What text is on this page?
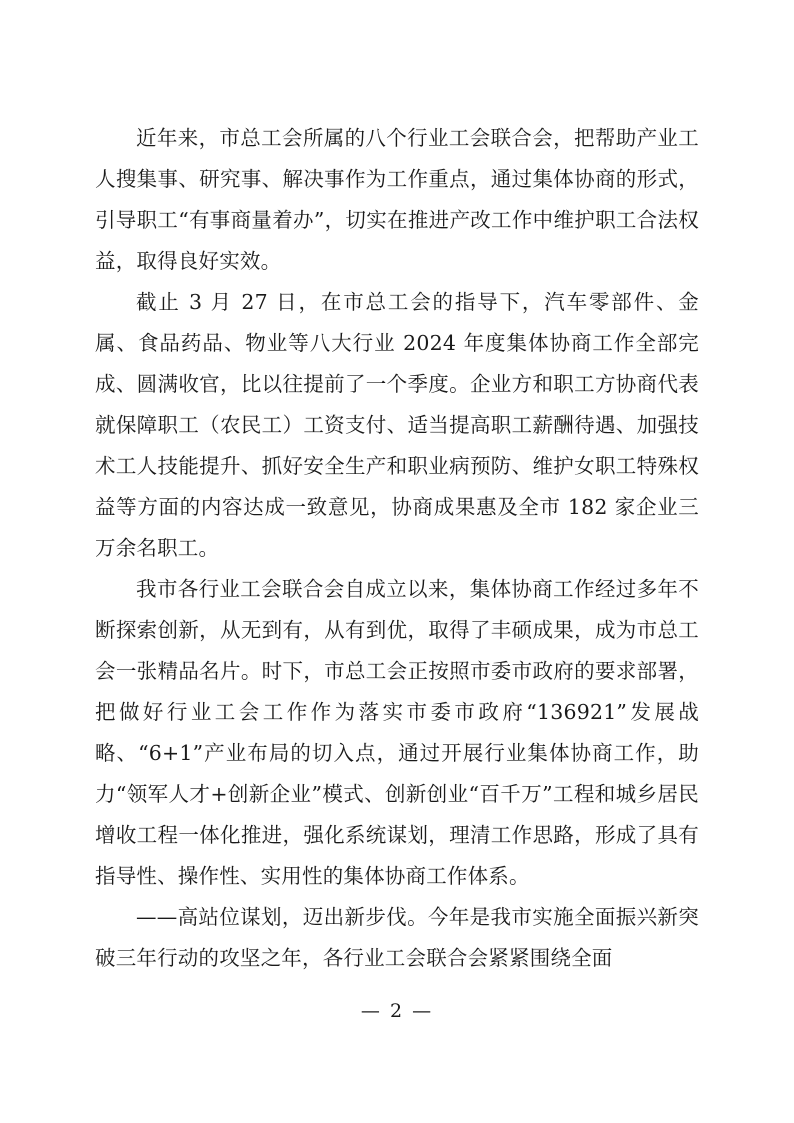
近年来，市总工会所属的八个行业工会联合会，把帮助产业工人搜集事、研究事、解决事作为工作重点，通过集体协商的形式，引导职工“有事商量着办”，切实在推进产改工作中维护职工合法权益，取得良好实效。

截止 3 月 27 日，在市总工会的指导下，汽车零部件、金属、食品药品、物业等八大行业 2024 年度集体协商工作全部完成、圆满收官，比以往提前了一个季度。企业方和职工方协商代表就保障职工（农民工）工资支付、适当提高职工薪酬待遇、加强技术工人技能提升、抓好安全生产和职业病预防、维护女职工特殊权益等方面的内容达成一致意见，协商成果惠及全市 182 家企业三万余名职工。

我市各行业工会联合会自成立以来，集体协商工作经过多年不断探索创新，从无到有，从有到优，取得了丰硕成果，成为市总工会一张精品名片。时下，市总工会正按照市委市政府的要求部署，把做好行业工会工作作为落实市委市政府“136921”发展战略、“6+1”产业布局的切入点，通过开展行业集体协商工作，助力“领军人才+创新企业”模式、创新创业“百千万”工程和城乡居民增收工程一体化推进，强化系统谋划，理清工作思路，形成了具有指导性、操作性、实用性的集体协商工作体系。

——高站位谋划，迈出新步伐。今年是我市实施全面振兴新突破三年行动的攻坚之年，各行业工会联合会紧紧围绕全面

— 2 —
